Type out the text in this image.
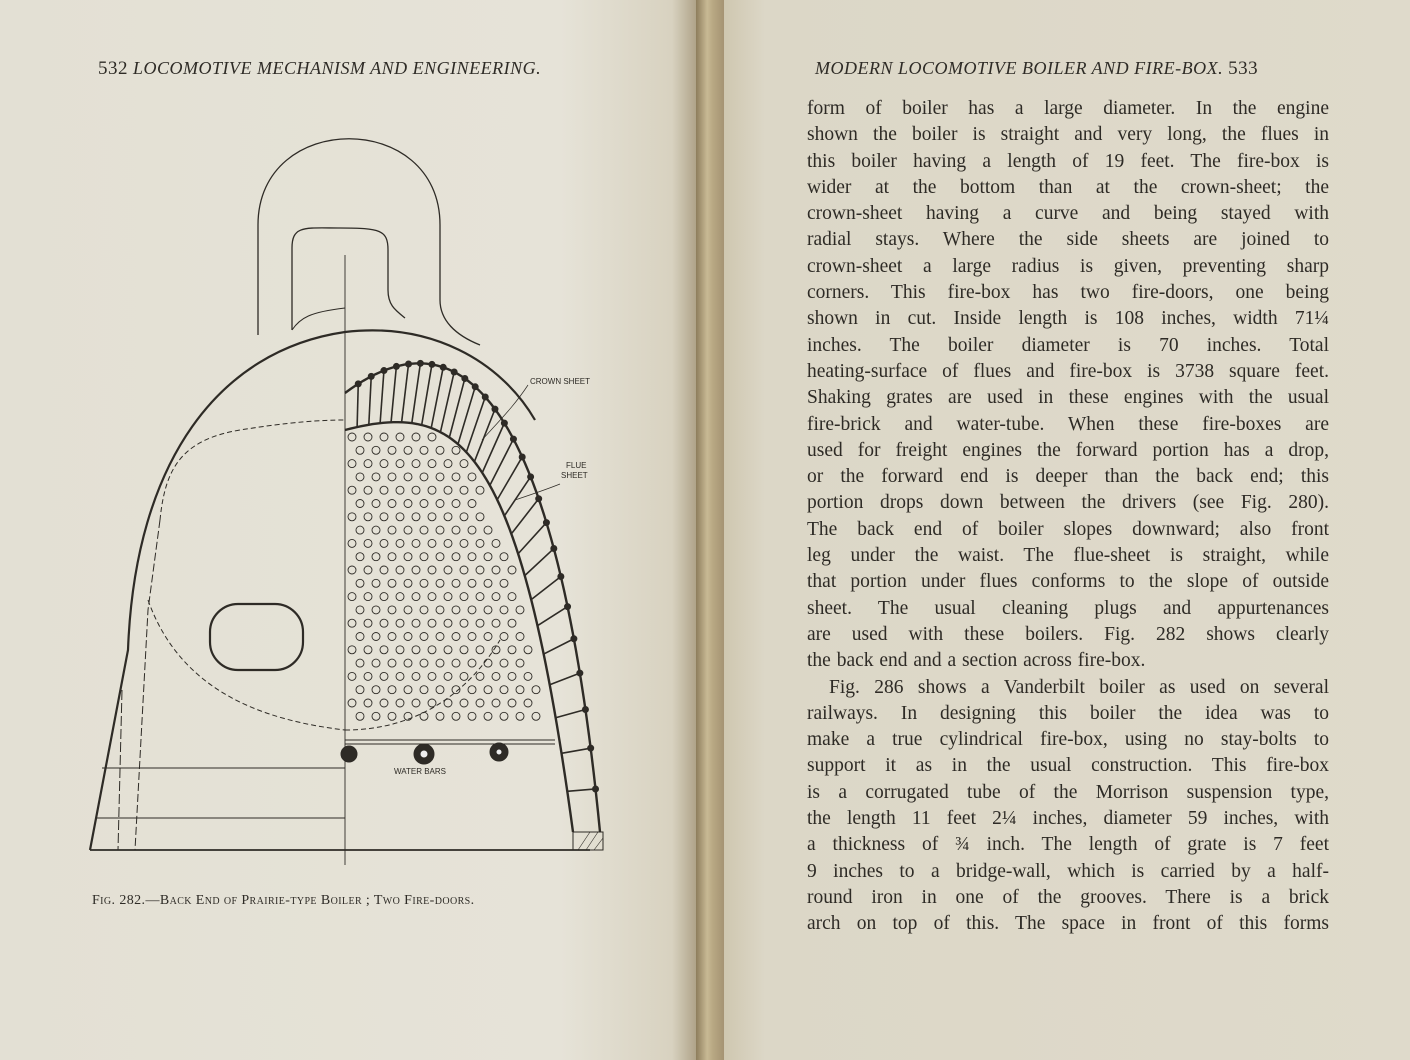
532 LOCOMOTIVE MECHANISM AND ENGINEERING.	MODERN LOCOMOTIVE BOILER AND FIRE-BOX. 533
CROWN SHEET
FLUE
SHEET
WATER BARS
Fig. 282.—Back End of Prairie-type Boiler ; Two Fire-doors.
form of boiler has a large diameter. In the engine
shown the boiler is straight and very long, the flues in
this boiler having a length of 19 feet. The fire-box is
wider at the bottom than at the crown-sheet; the
crown-sheet having a curve and being stayed with
radial stays. Where the side sheets are joined to
crown-sheet a large radius is given, preventing sharp
corners. This fire-box has two fire-doors, one being
shown in cut. Inside length is 108 inches, width 71¼
inches. The boiler diameter is 70 inches. Total
heating-surface of flues and fire-box is 3738 square feet.
Shaking grates are used in these engines with the usual
fire-brick and water-tube. When these fire-boxes are
used for freight engines the forward portion has a drop,
or the forward end is deeper than the back end; this
portion drops down between the drivers (see Fig. 280).
The back end of boiler slopes downward; also front
leg under the waist. The flue-sheet is straight, while
that portion under flues conforms to the slope of outside
sheet. The usual cleaning plugs and appurtenances
are used with these boilers. Fig. 282 shows clearly
the back end and a section across fire-box.
Fig. 286 shows a Vanderbilt boiler as used on several
railways. In designing this boiler the idea was to
make a true cylindrical fire-box, using no stay-bolts to
support it as in the usual construction. This fire-box
is a corrugated tube of the Morrison suspension type,
the length 11 feet 2¼ inches, diameter 59 inches, with
a thickness of ¾ inch. The length of grate is 7 feet
9 inches to a bridge-wall, which is carried by a half-
round iron in one of the grooves. There is a brick
arch on top of this. The space in front of this forms
